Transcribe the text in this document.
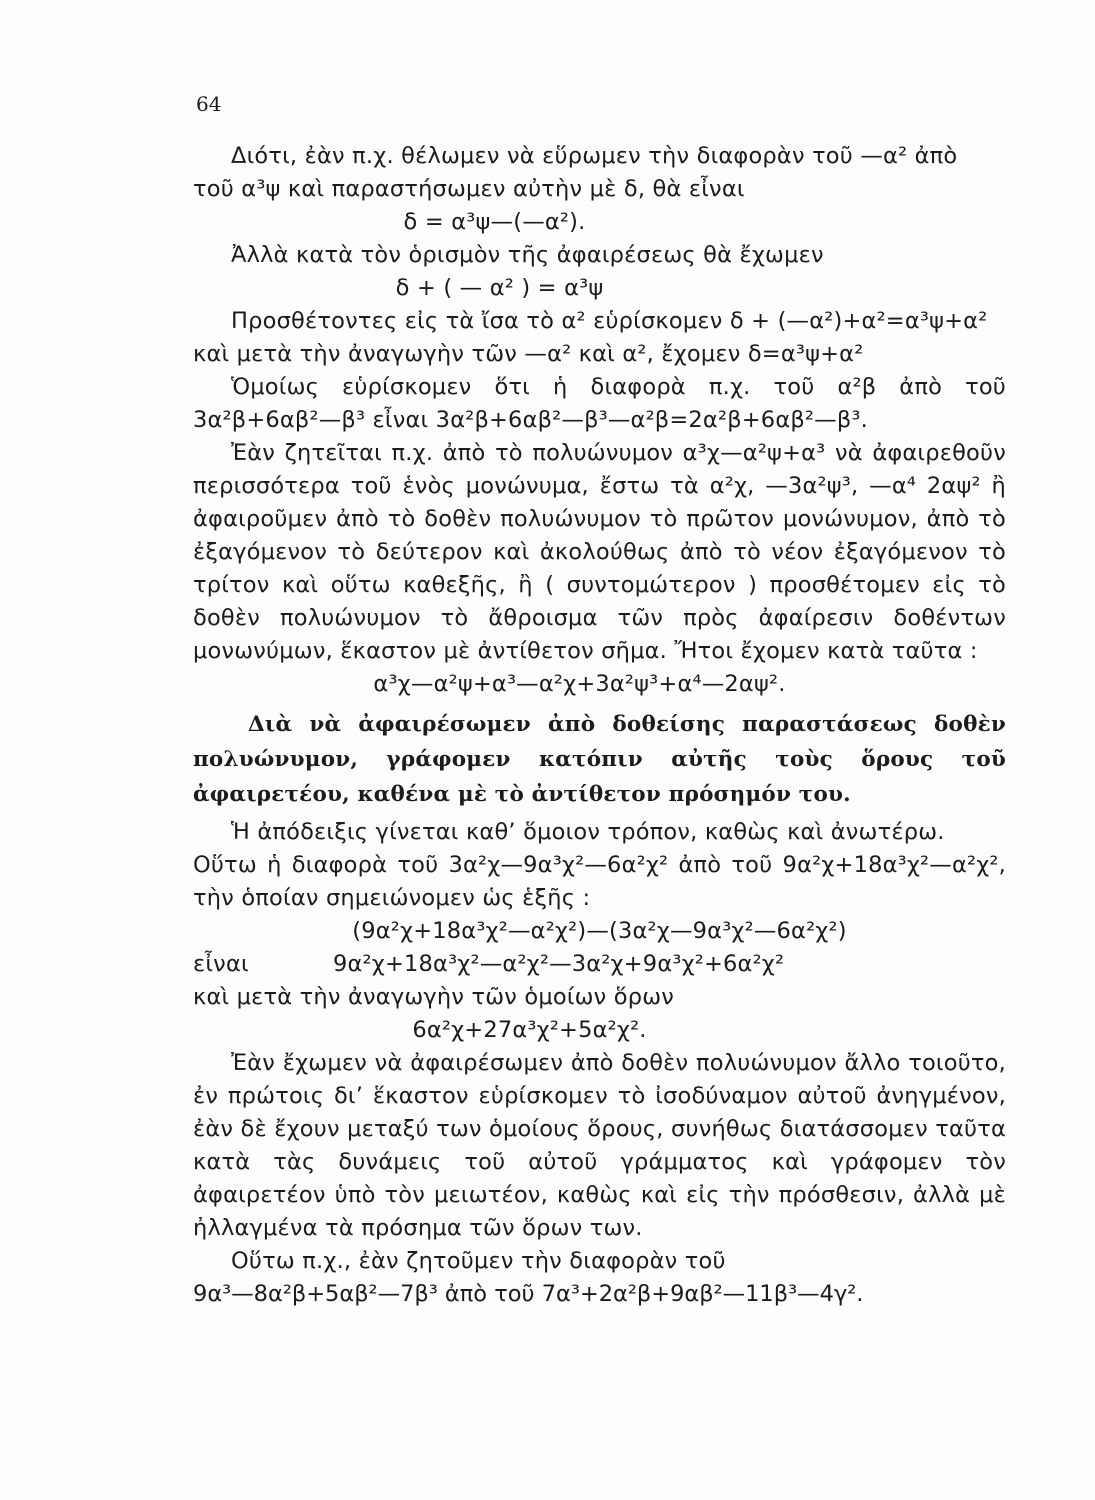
64

Διότι, ἐὰν π.χ. θέλωμεν νὰ εὕρωμεν τὴν διαφορὰν τοῦ —α² ἀπὸ

τοῦ α³ψ καὶ παραστήσωμεν αὐτὴν μὲ δ, θὰ εἶναι

δ = α³ψ—(—α²).

Ἀλλὰ κατὰ τὸν ὁρισμὸν τῆς ἀφαιρέσεως θὰ ἔχωμεν

δ + ( — α² ) = α³ψ

Προσθέτοντες εἰς τὰ ἴσα τὸ α² εὑρίσκομεν δ + (—α²)+α²=α³ψ+α²

καὶ μετὰ τὴν ἀναγωγὴν τῶν —α² καὶ α², ἔχομεν δ=α³ψ+α²

Ὁμοίως εὑρίσκομεν ὅτι ἡ διαφορὰ π.χ. τοῦ α²β ἀπὸ τοῦ

3α²β+6αβ²—β³ εἶναι 3α²β+6αβ²—β³—α²β=2α²β+6αβ²—β³.

Ἐὰν ζητεῖται π.χ. ἀπὸ τὸ πολυώνυμον α³χ—α²ψ+α³ νὰ ἀφαιρεθοῦν περισσότερα τοῦ ἑνὸς μονώνυμα, ἔστω τὰ α²χ, —3α²ψ³, —α⁴ 2αψ² ἢ ἀφαιροῦμεν ἀπὸ τὸ δοθὲν πολυώνυμον τὸ πρῶτον μονώνυμον, ἀπὸ τὸ ἐξαγόμενον τὸ δεύτερον καὶ ἀκολούθως ἀπὸ τὸ νέον ἐξαγόμενον τὸ τρίτον καὶ οὕτω καθεξῆς, ἢ ( συντομώτερον ) προσθέτομεν εἰς τὸ δοθὲν πολυώνυμον τὸ ἄθροισμα τῶν πρὸς ἀφαίρεσιν δοθέντων μονωνύμων, ἕκαστον μὲ ἀντίθετον σῆμα. Ἤτοι ἔχομεν κατὰ ταῦτα :

α³χ—α²ψ+α³—α²χ+3α²ψ³+α⁴—2αψ².

Διὰ νὰ ἀφαιρέσωμεν ἀπὸ δοθείσης παραστάσεως δοθὲν πολυώνυμον, γράφομεν κατόπιν αὐτῆς τοὺς ὅρους τοῦ ἀφαιρετέου, καθένα μὲ τὸ ἀντίθετον πρόσημόν του.

Ἡ ἀπόδειξις γίνεται καθ’ ὅμοιον τρόπον, καθὼς καὶ ἀνωτέρω.

Οὕτω ἡ διαφορὰ τοῦ 3α²χ—9α³χ²—6α²χ² ἀπὸ τοῦ 9α²χ+18α³χ²—α²χ², τὴν ὁποίαν σημειώνομεν ὡς ἑξῆς :

(9α²χ+18α³χ²—α²χ²)—(3α²χ—9α³χ²—6α²χ²)

εἶναι	9α²χ+18α³χ²—α²χ²—3α²χ+9α³χ²+6α²χ²

καὶ μετὰ τὴν ἀναγωγὴν τῶν ὁμοίων ὅρων

6α²χ+27α³χ²+5α²χ².

Ἐὰν ἔχωμεν νὰ ἀφαιρέσωμεν ἀπὸ δοθὲν πολυώνυμον ἄλλο τοιοῦτο, ἐν πρώτοις δι’ ἕκαστον εὑρίσκομεν τὸ ἰσοδύναμον αὐτοῦ ἀνηγμένον, ἐὰν δὲ ἔχουν μεταξύ των ὁμοίους ὅρους, συνήθως διατάσσομεν ταῦτα κατὰ τὰς δυνάμεις τοῦ αὐτοῦ γράμματος καὶ γράφομεν τὸν ἀφαιρετέον ὑπὸ τὸν μειωτέον, καθὼς καὶ εἰς τὴν πρόσθεσιν, ἀλλὰ μὲ ἠλλαγμένα τὰ πρόσημα τῶν ὅρων των.

Οὕτω π.χ., ἐὰν ζητοῦμεν τὴν διαφορὰν τοῦ

9α³—8α²β+5αβ²—7β³ ἀπὸ τοῦ 7α³+2α²β+9αβ²—11β³—4γ².
